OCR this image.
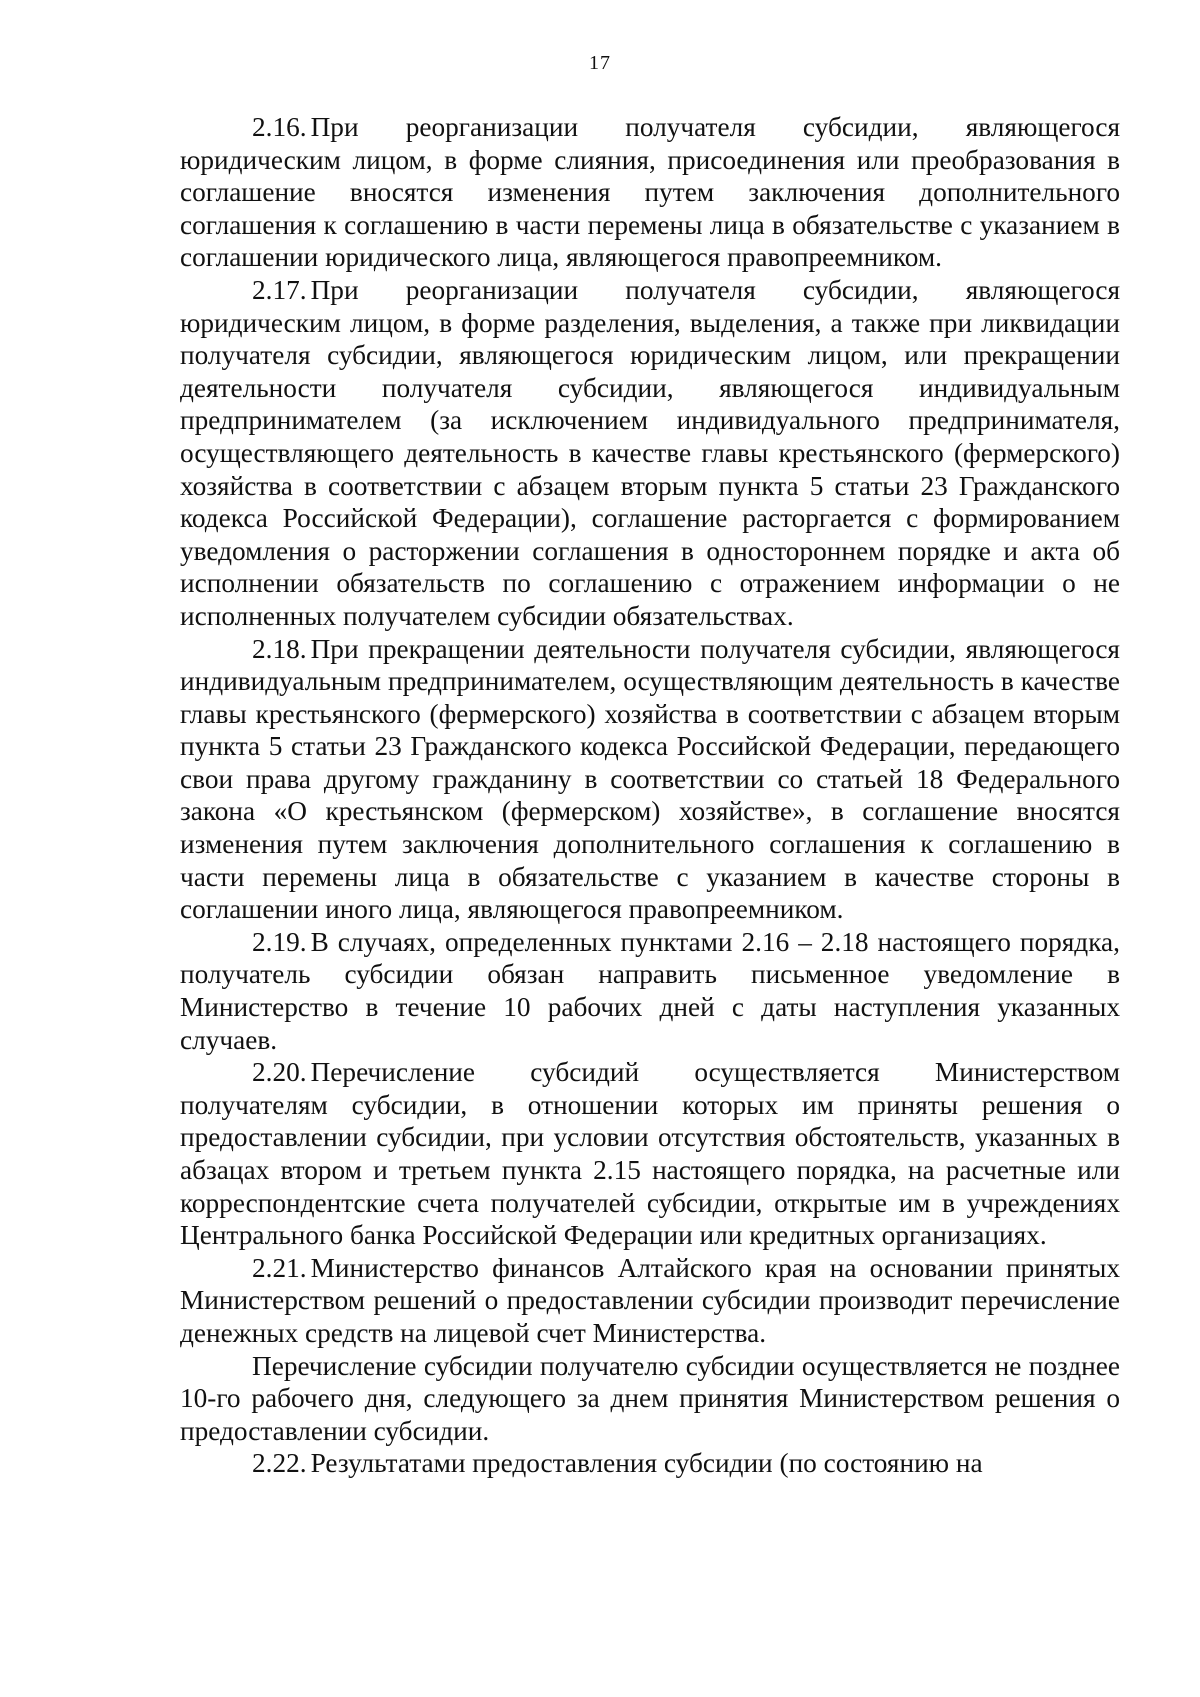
17

2.16. При реорганизации получателя субсидии, являющегося юридическим лицом, в форме слияния, присоединения или преобразования в соглашение вносятся изменения путем заключения дополнительного соглашения к соглашению в части перемены лица в обязательстве с указанием в соглашении юридического лица, являющегося правопреемником.

2.17. При реорганизации получателя субсидии, являющегося юридическим лицом, в форме разделения, выделения, а также при ликвидации получателя субсидии, являющегося юридическим лицом, или прекращении деятельности получателя субсидии, являющегося индивидуальным предпринимателем (за исключением индивидуального предпринимателя, осуществляющего деятельность в качестве главы крестьянского (фермерского) хозяйства в соответствии с абзацем вторым пункта 5 статьи 23 Гражданского кодекса Российской Федерации), соглашение расторгается с формированием уведомления о расторжении соглашения в одностороннем порядке и акта об исполнении обязательств по соглашению с отражением информации о не исполненных получателем субсидии обязательствах.

2.18. При прекращении деятельности получателя субсидии, являющегося индивидуальным предпринимателем, осуществляющим деятельность в качестве главы крестьянского (фермерского) хозяйства в соответствии с абзацем вторым пункта 5 статьи 23 Гражданского кодекса Российской Федерации, передающего свои права другому гражданину в соответствии со статьей 18 Федерального закона «О крестьянском (фермерском) хозяйстве», в соглашение вносятся изменения путем заключения дополнительного соглашения к соглашению в части перемены лица в обязательстве с указанием в качестве стороны в соглашении иного лица, являющегося правопреемником.

2.19. В случаях, определенных пунктами 2.16 – 2.18 настоящего порядка, получатель субсидии обязан направить письменное уведомление в Министерство в течение 10 рабочих дней с даты наступления указанных случаев.

2.20. Перечисление субсидий осуществляется Министерством получателям субсидии, в отношении которых им приняты решения о предоставлении субсидии, при условии отсутствия обстоятельств, указанных в абзацах втором и третьем пункта 2.15 настоящего порядка, на расчетные или корреспондентские счета получателей субсидии, открытые им в учреждениях Центрального банка Российской Федерации или кредитных организациях.

2.21. Министерство финансов Алтайского края на основании принятых Министерством решений о предоставлении субсидии производит перечисление денежных средств на лицевой счет Министерства.

Перечисление субсидии получателю субсидии осуществляется не позднее 10-го рабочего дня, следующего за днем принятия Министерством решения о предоставлении субсидии.

2.22. Результатами предоставления субсидии (по состоянию на
